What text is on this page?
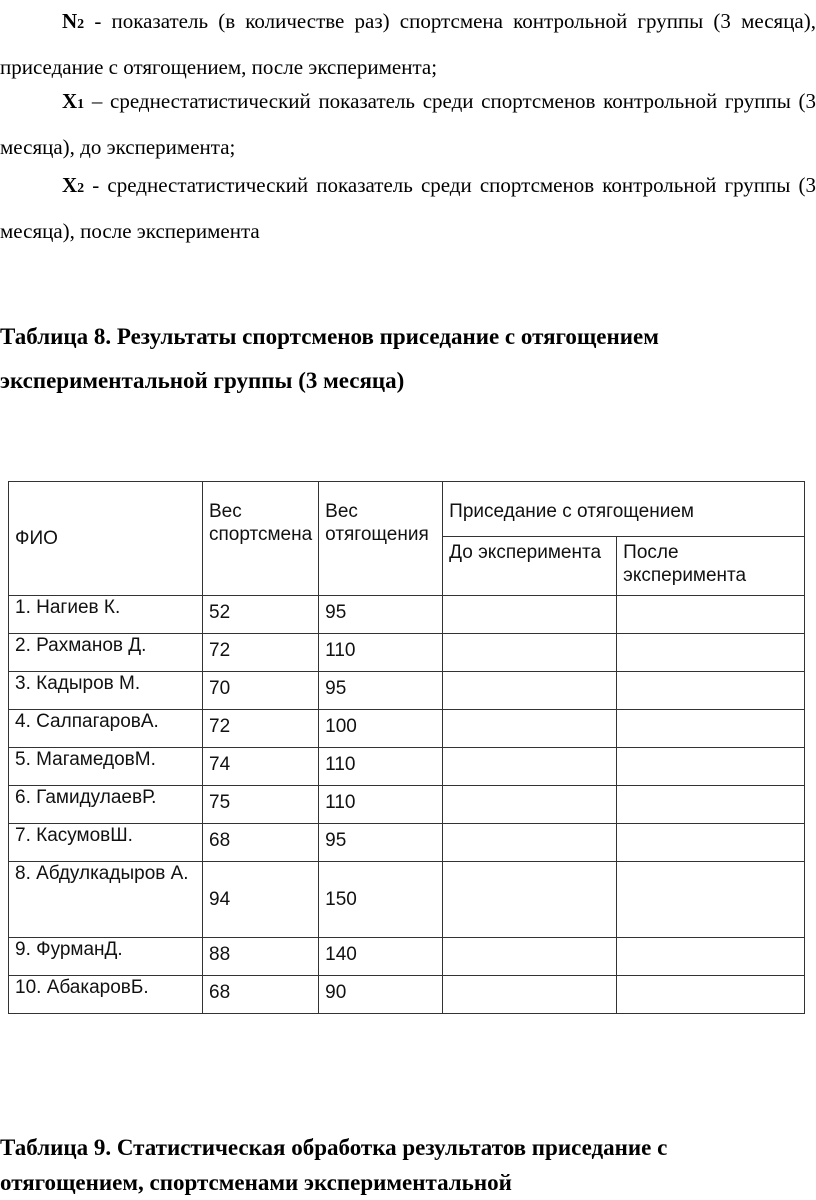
N2 - показатель (в количестве раз) спортсмена контрольной группы (3 месяца), приседание с отягощением, после эксперимента;

X1 – среднестатистический показатель среди спортсменов контрольной группы (3 месяца), до эксперимента;

X2 - среднестатистический показатель среди спортсменов контрольной группы (3 месяца), после эксперимента

Таблица 8. Результаты спортсменов приседание с отягощением экспериментальной группы (3 месяца)
ФИО	Вес спортсмена	Вес отягощения	Приседание с отягощением	
			До эксперимента	После эксперимента
1. Нагиев К.	52	95		
2. Рахманов Д.	72	110		
3. Кадыров М.	70	95		
4. СалпагаровА.	72	100		
5. МагамедовМ.	74	110		
6. ГамидулаевР.	75	110		
7. КасумовШ.	68	95		
8. Абдулкадыров А.	94	150		
9. ФурманД.	88	140		
10. АбакаровБ.	68	90		
Таблица 9. Статистическая обработка результатов приседание с отягощением, спортсменами экспериментальной
